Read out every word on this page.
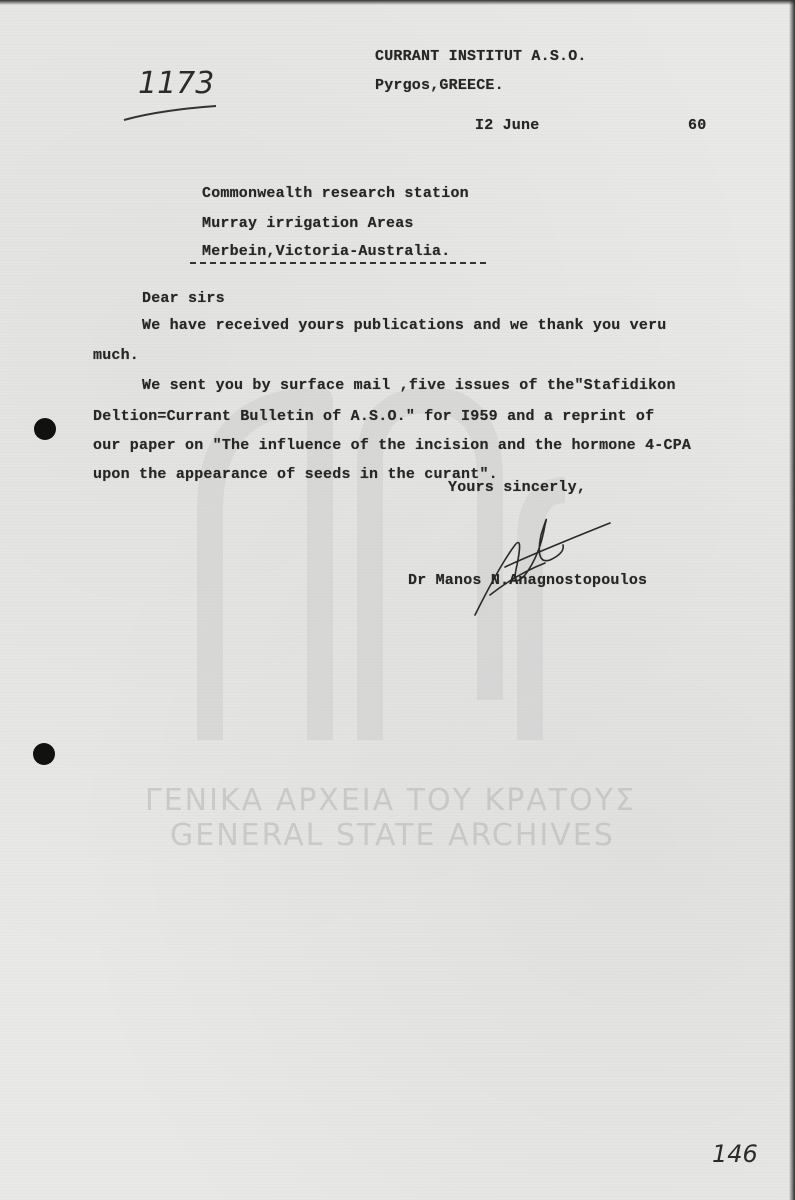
ΓΕΝΙΚΑ ΑΡΧΕΙΑ ΤΟΥ ΚΡΑΤΟΥΣ
GENERAL STATE ARCHIVES
1173
CURRANT INSTITUT A.S.O.
Pyrgos,GREECE.
I2 June	60
Commonwealth research station
Murray irrigation Areas
Merbein,Victoria-Australia.
Dear sirs
We have received yours publications and we thank you veru
much.
We sent you by surface mail ,five issues of the"Stafidikon
Deltion=Currant Bulletin of A.S.O." for I959 and a reprint of
our paper on "The influence of the incision and the hormone 4-CPA
upon the appearance of seeds in the curant".
Yours sincerly,
Dr Manos N.Anagnostopoulos
146
